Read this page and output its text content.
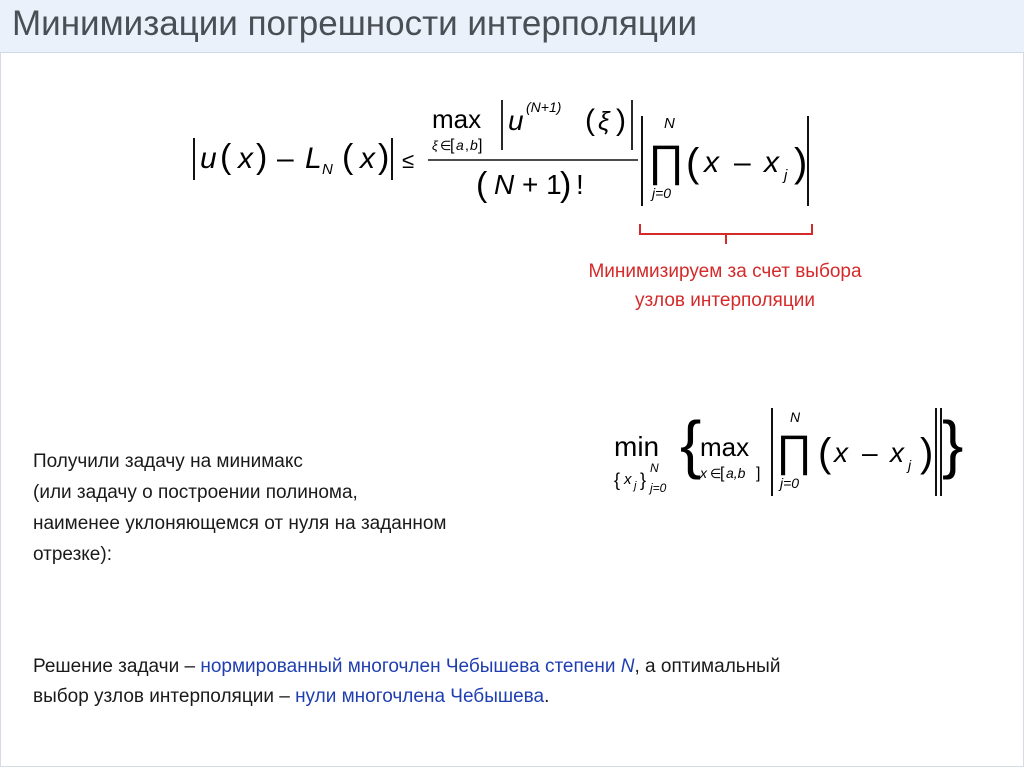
Минимизации погрешности интерполяции
u ( x ) – L N ( x ) ≤
max
ξ ∈
[ a , b ]
u (N+1) ( ξ )
( N + 1
) !
N
∏
j=0
( x – x j )
Минимизируем за счет выбора
узлов интерполяции
Получили задачу на минимакс
(или задачу о построении полинома,
наименее уклоняющемся от нуля на заданном
отрезке):
min
{ x j }
N
j=0
{
max
x ∈
[ a,b ]
N
∏
j=0
( x – x j ) }
Решение задачи – нормированный многочлен Чебышева степени N, а оптимальный
выбор узлов интерполяции – нули многочлена Чебышева.
